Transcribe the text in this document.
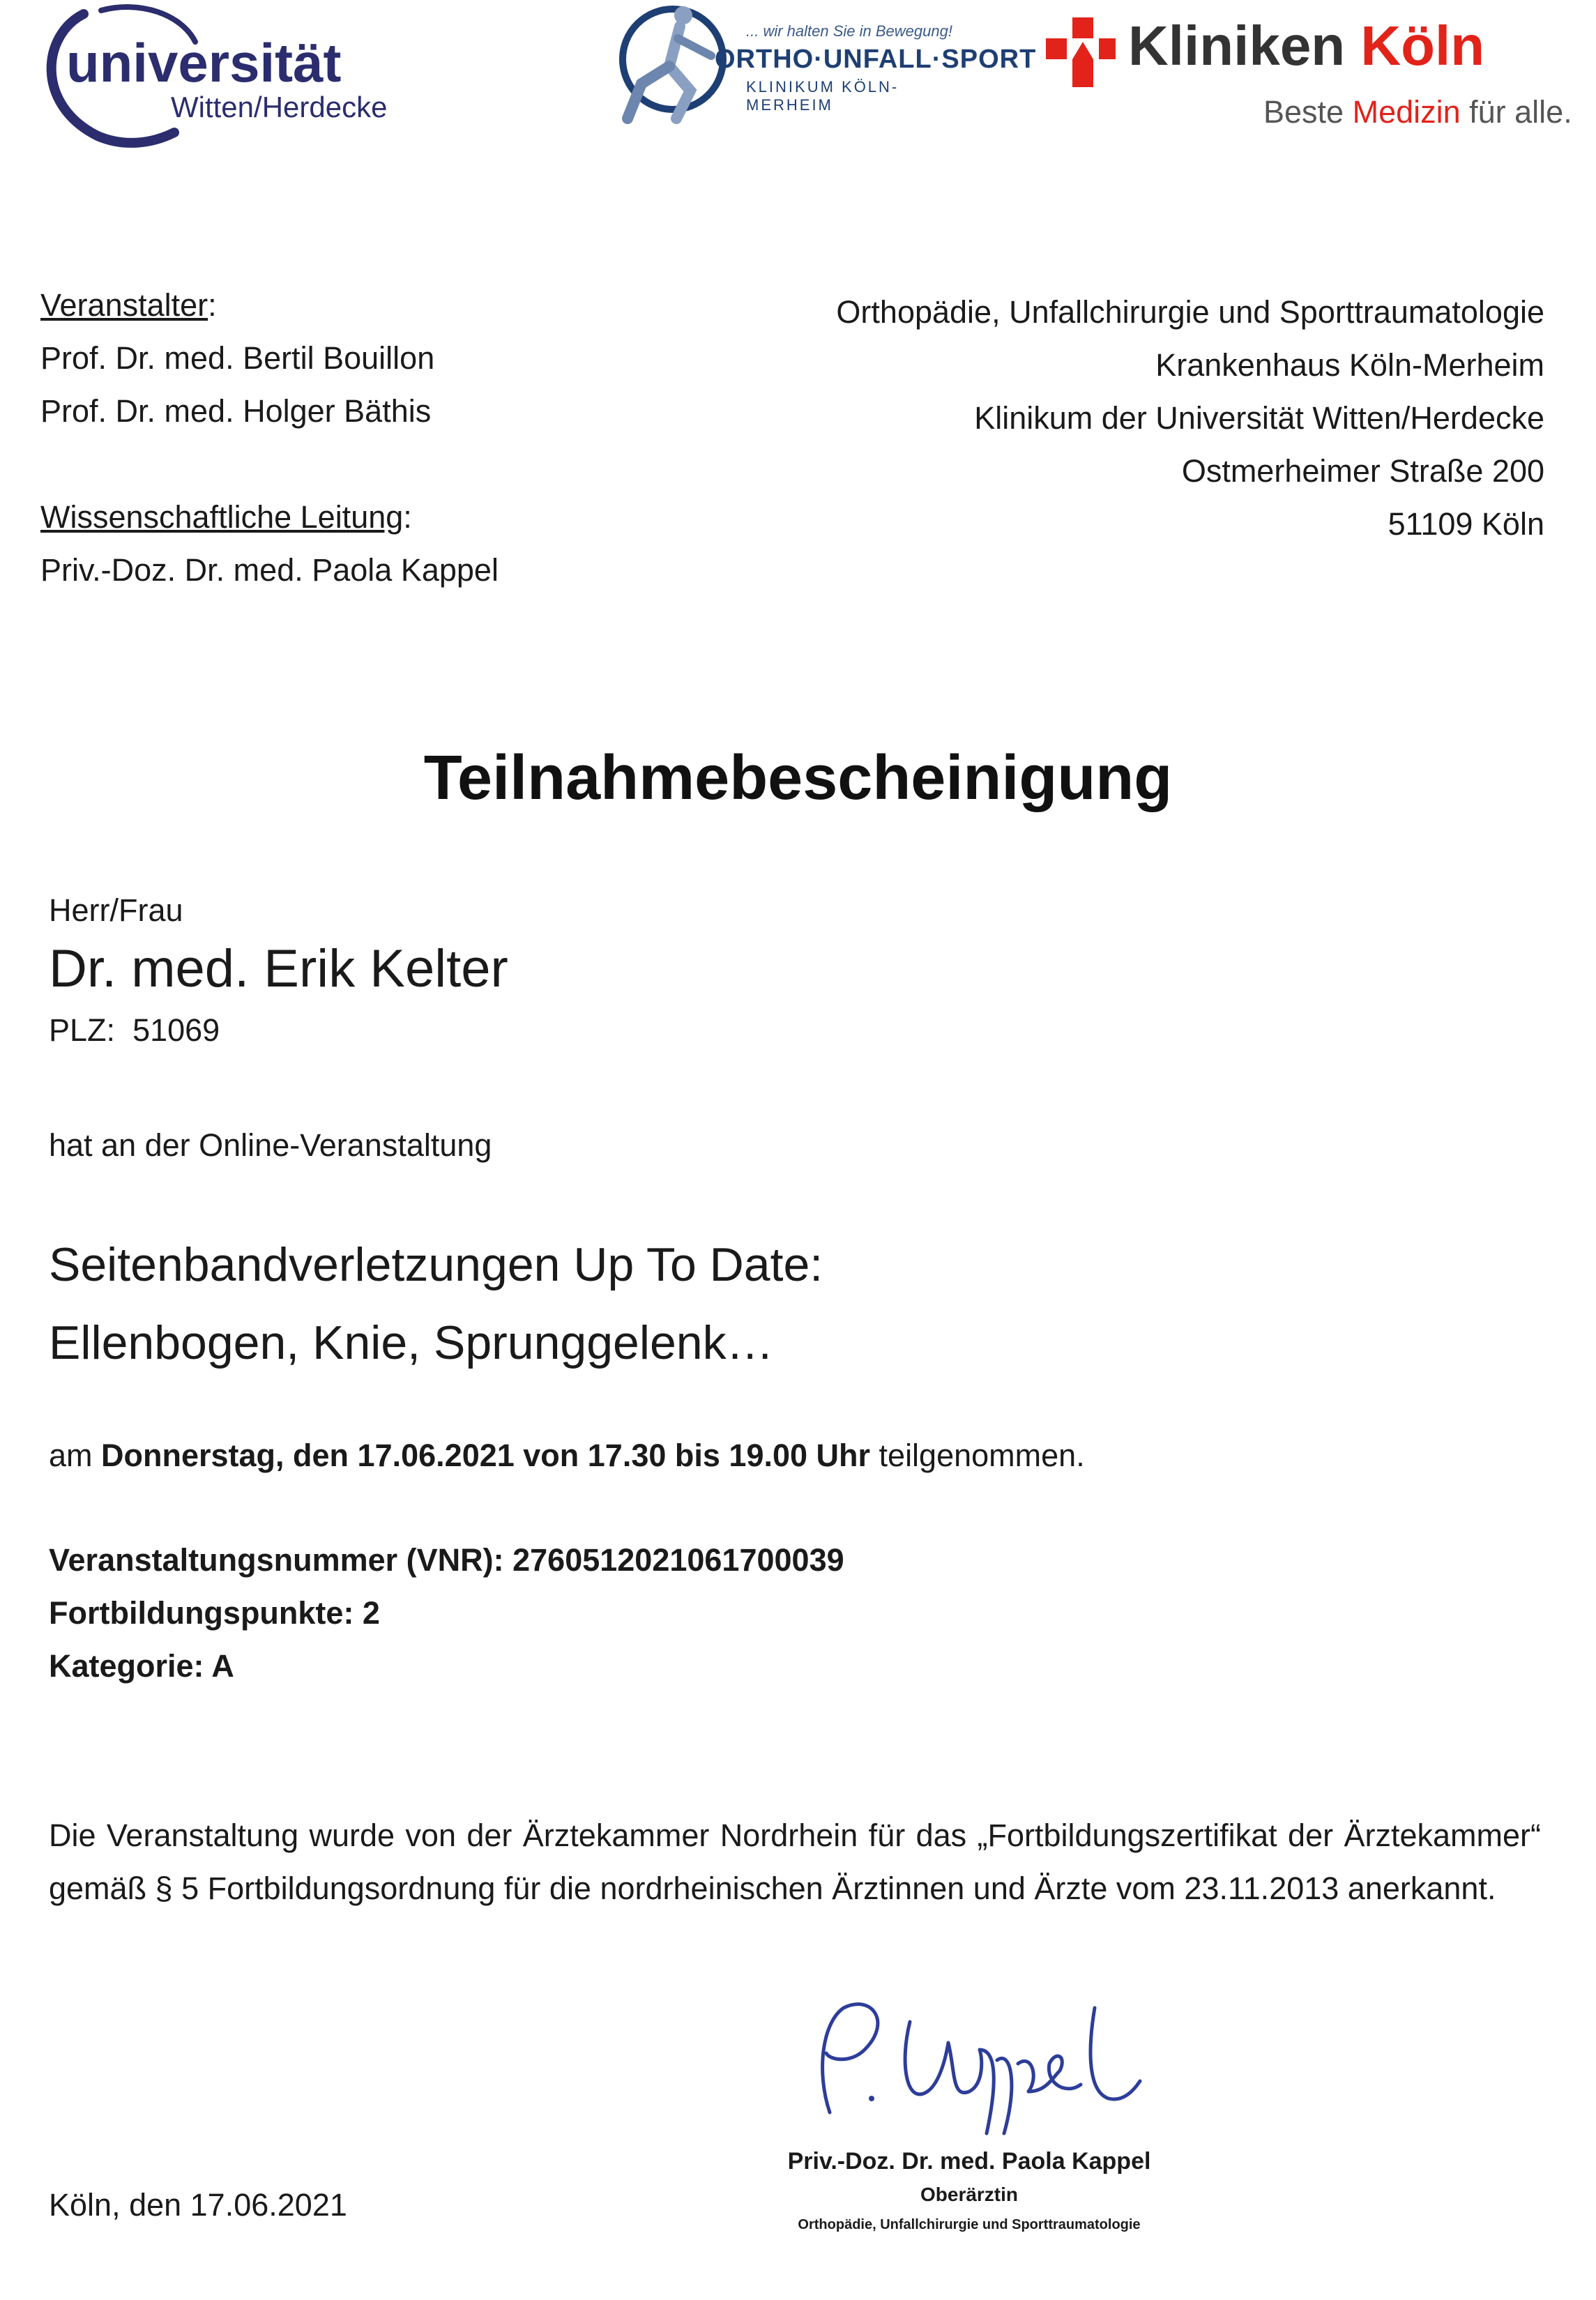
universität
Witten/Herdecke
... wir halten Sie in Bewegung!
ORTHO·UNFALL·SPORT
KLINIKUM KÖLN-MERHEIM
Kliniken Köln
Beste Medizin für alle.
Veranstalter:
Prof. Dr. med. Bertil Bouillon
Prof. Dr. med. Holger Bäthis
Wissenschaftliche Leitung:
Priv.-Doz. Dr. med. Paola Kappel
Orthopädie, Unfallchirurgie und Sporttraumatologie
Krankenhaus Köln-Merheim
Klinikum der Universität Witten/Herdecke
Ostmerheimer Straße 200
51109 Köln
Teilnahmebescheinigung
Herr/Frau
Dr. med. Erik Kelter
PLZ: 51069
hat an der Online-Veranstaltung
Seitenbandverletzungen Up To Date:
Ellenbogen, Knie, Sprunggelenk…
am Donnerstag, den 17.06.2021 von 17.30 bis 19.00 Uhr teilgenommen.
Veranstaltungsnummer (VNR): 2760512021061700039
Fortbildungspunkte: 2
Kategorie: A
Die Veranstaltung wurde von der Ärztekammer Nordrhein für das „Fortbildungszertifikat der Ärztekammer“ gemäß § 5 Fortbildungsordnung für die nordrheinischen Ärztinnen und Ärzte vom 23.11.2013 anerkannt.
Priv.-Doz. Dr. med. Paola Kappel
Oberärztin
Orthopädie, Unfallchirurgie und Sporttraumatologie
Köln, den 17.06.2021
